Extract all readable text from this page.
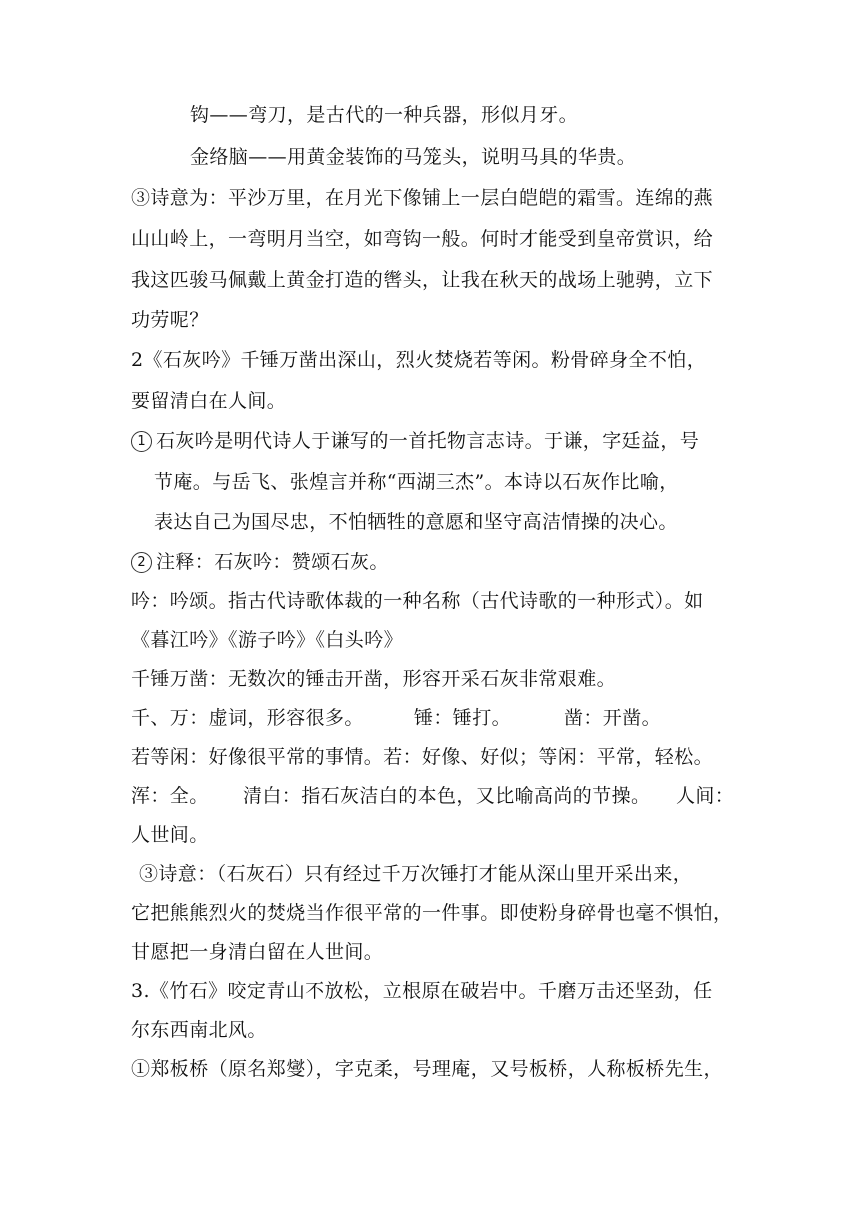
钩——弯刀，是古代的一种兵器，形似月牙。
金络脑——用黄金装饰的马笼头，说明马具的华贵。
③诗意为：平沙万里，在月光下像铺上一层白皑皑的霜雪。连绵的燕
山山岭上，一弯明月当空，如弯钩一般。何时才能受到皇帝赏识，给
我这匹骏马佩戴上黄金打造的辔头，让我在秋天的战场上驰骋，立下
功劳呢？
2《石灰吟》千锤万凿出深山，烈火焚烧若等闲。粉骨碎身全不怕，
要留清白在人间。
1 石灰吟是明代诗人于谦写的一首托物言志诗。于谦，字廷益，号
节庵。与岳飞、张煌言并称“西湖三杰”。本诗以石灰作比喻，
表达自己为国尽忠，不怕牺牲的意愿和坚守高洁情操的决心。
2 注释：石灰吟：赞颂石灰。
吟：吟颂。指古代诗歌体裁的一种名称（古代诗歌的一种形式）。如
《暮江吟》《游子吟》《白头吟》
千锤万凿：无数次的锤击开凿，形容开采石灰非常艰难。
千、万：虚词，形容很多。	锤：锤打。	凿：开凿。
若等闲：好像很平常的事情。若：好像、好似；等闲：平常，轻松。
浑：全。 清白：指石灰洁白的本色，又比喻高尚的节操。 人间：
人世间。
③诗意：（石灰石）只有经过千万次锤打才能从深山里开采出来，
它把熊熊烈火的焚烧当作很平常的一件事。即使粉身碎骨也毫不惧怕，
甘愿把一身清白留在人世间。
3.《竹石》咬定青山不放松，立根原在破岩中。千磨万击还坚劲，任
尔东西南北风。
①郑板桥（原名郑燮），字克柔，号理庵，又号板桥，人称板桥先生，
